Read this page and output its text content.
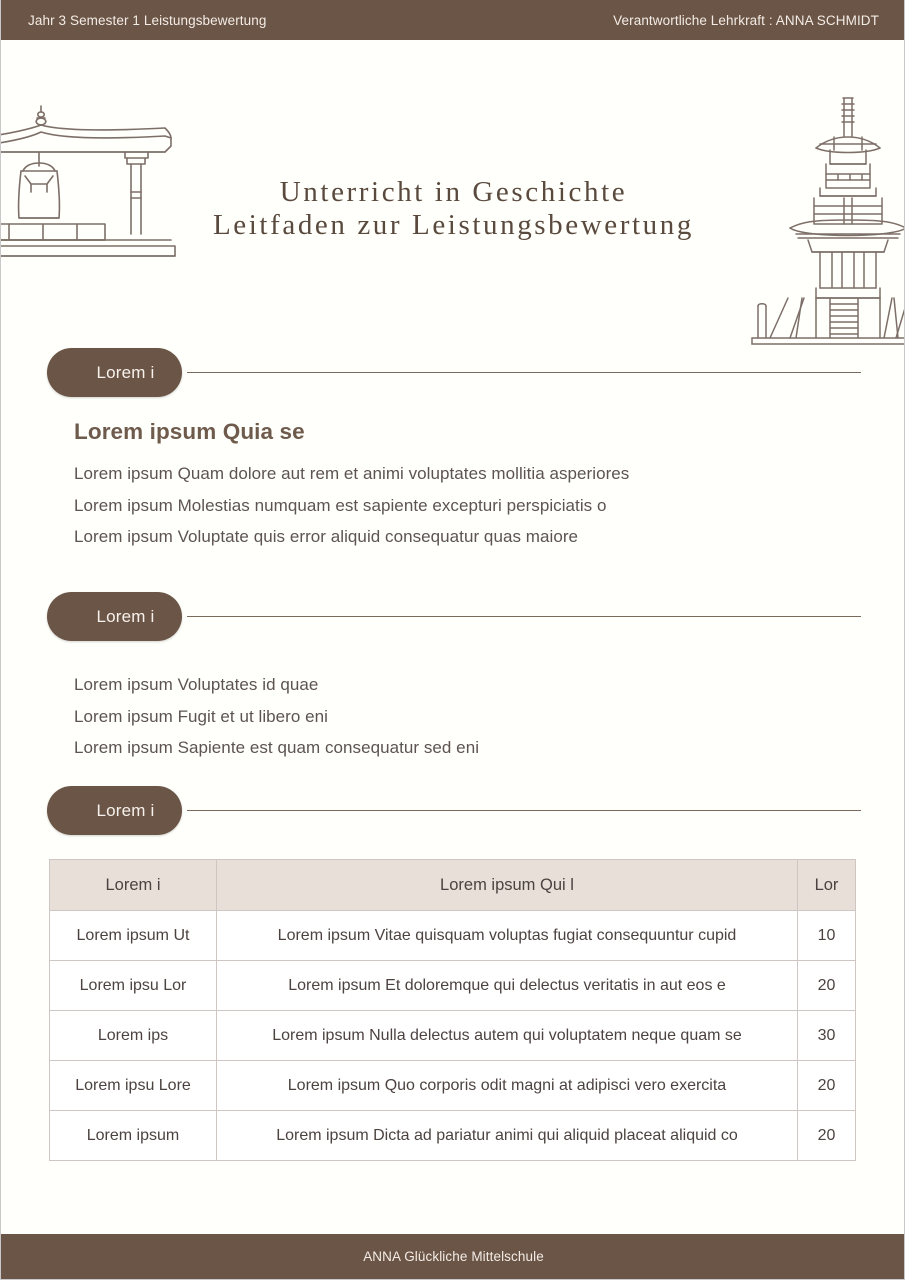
Jahr 3 Semester 1 Leistungsbewertung	Verantwortliche Lehrkraft : ANNA SCHMIDT
Unterricht in Geschichte
Leitfaden zur Leistungsbewertung
Lorem i
Lorem ipsum Quia se
Lorem ipsum Quam dolore aut rem et animi voluptates mollitia asperiores
Lorem ipsum Molestias numquam est sapiente excepturi perspiciatis o
Lorem ipsum Voluptate quis error aliquid consequatur quas maiore
Lorem i
Lorem ipsum Voluptates id quae
Lorem ipsum Fugit et ut libero eni
Lorem ipsum Sapiente est quam consequatur sed eni
Lorem i
Lorem i	Lorem ipsum Qui l	Lor
Lorem ipsum Ut	Lorem ipsum Vitae quisquam voluptas fugiat consequuntur cupid	10
Lorem ipsu Lor	Lorem ipsum Et doloremque qui delectus veritatis in aut eos e	20
Lorem ips	Lorem ipsum Nulla delectus autem qui voluptatem neque quam se	30
Lorem ipsu Lore	Lorem ipsum Quo corporis odit magni at adipisci vero exercita	20
Lorem ipsum	Lorem ipsum Dicta ad pariatur animi qui aliquid placeat aliquid co	20
ANNA Glückliche Mittelschule
